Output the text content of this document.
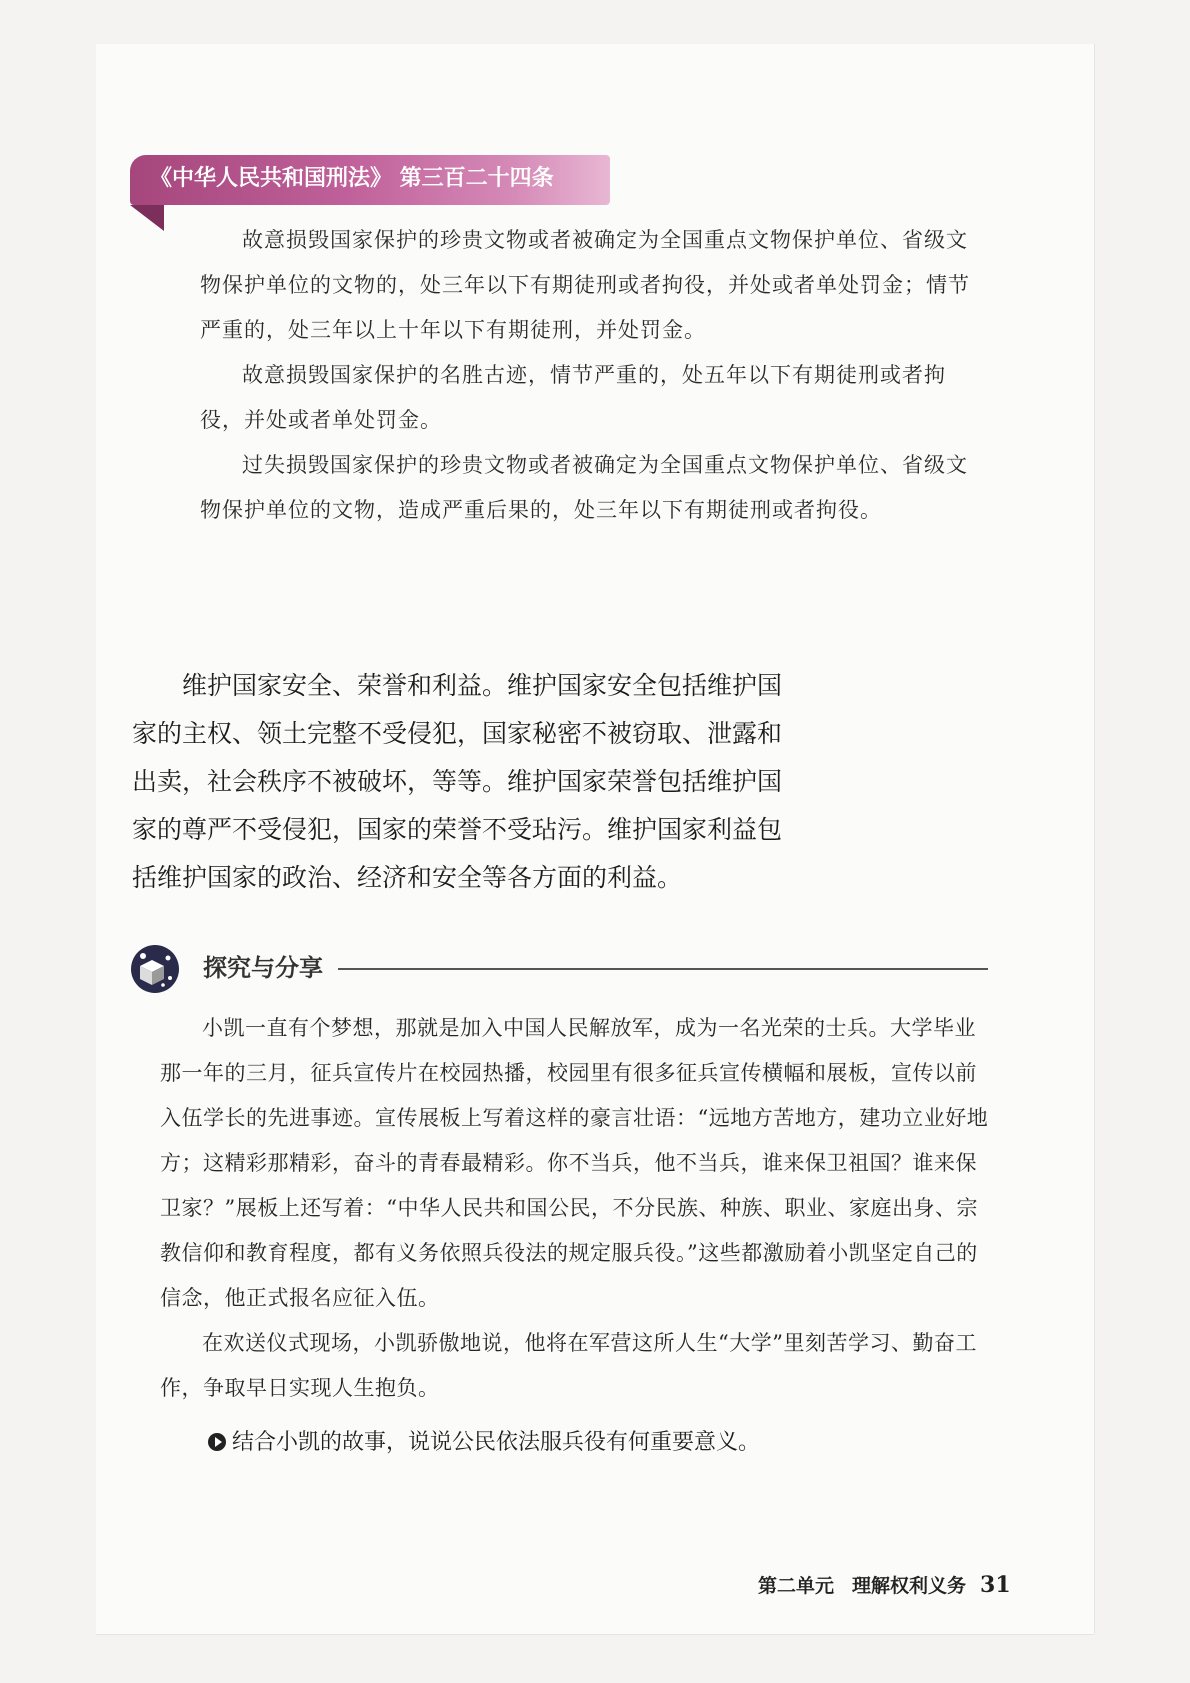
《中华人民共和国刑法》 第三百二十四条

故意损毁国家保护的珍贵文物或者被确定为全国重点文物保护单位、省级文物保护单位的文物的，处三年以下有期徒刑或者拘役，并处或者单处罚金；情节严重的，处三年以上十年以下有期徒刑，并处罚金。

故意损毁国家保护的名胜古迹，情节严重的，处五年以下有期徒刑或者拘役，并处或者单处罚金。

过失损毁国家保护的珍贵文物或者被确定为全国重点文物保护单位、省级文物保护单位的文物，造成严重后果的，处三年以下有期徒刑或者拘役。

维护国家安全、荣誉和利益。维护国家安全包括维护国家的主权、领土完整不受侵犯，国家秘密不被窃取、泄露和出卖，社会秩序不被破坏，等等。维护国家荣誉包括维护国家的尊严不受侵犯，国家的荣誉不受玷污。维护国家利益包括维护国家的政治、经济和安全等各方面的利益。

探究与分享

小凯一直有个梦想，那就是加入中国人民解放军，成为一名光荣的士兵。大学毕业那一年的三月，征兵宣传片在校园热播，校园里有很多征兵宣传横幅和展板，宣传以前入伍学长的先进事迹。宣传展板上写着这样的豪言壮语：“远地方苦地方，建功立业好地方；这精彩那精彩，奋斗的青春最精彩。你不当兵，他不当兵，谁来保卫祖国？谁来保卫家？”展板上还写着：“中华人民共和国公民，不分民族、种族、职业、家庭出身、宗教信仰和教育程度，都有义务依照兵役法的规定服兵役。”这些都激励着小凯坚定自己的信念，他正式报名应征入伍。

在欢送仪式现场，小凯骄傲地说，他将在军营这所人生“大学”里刻苦学习、勤奋工作，争取早日实现人生抱负。

结合小凯的故事，说说公民依法服兵役有何重要意义。
第二单元 理解权利义务 31
